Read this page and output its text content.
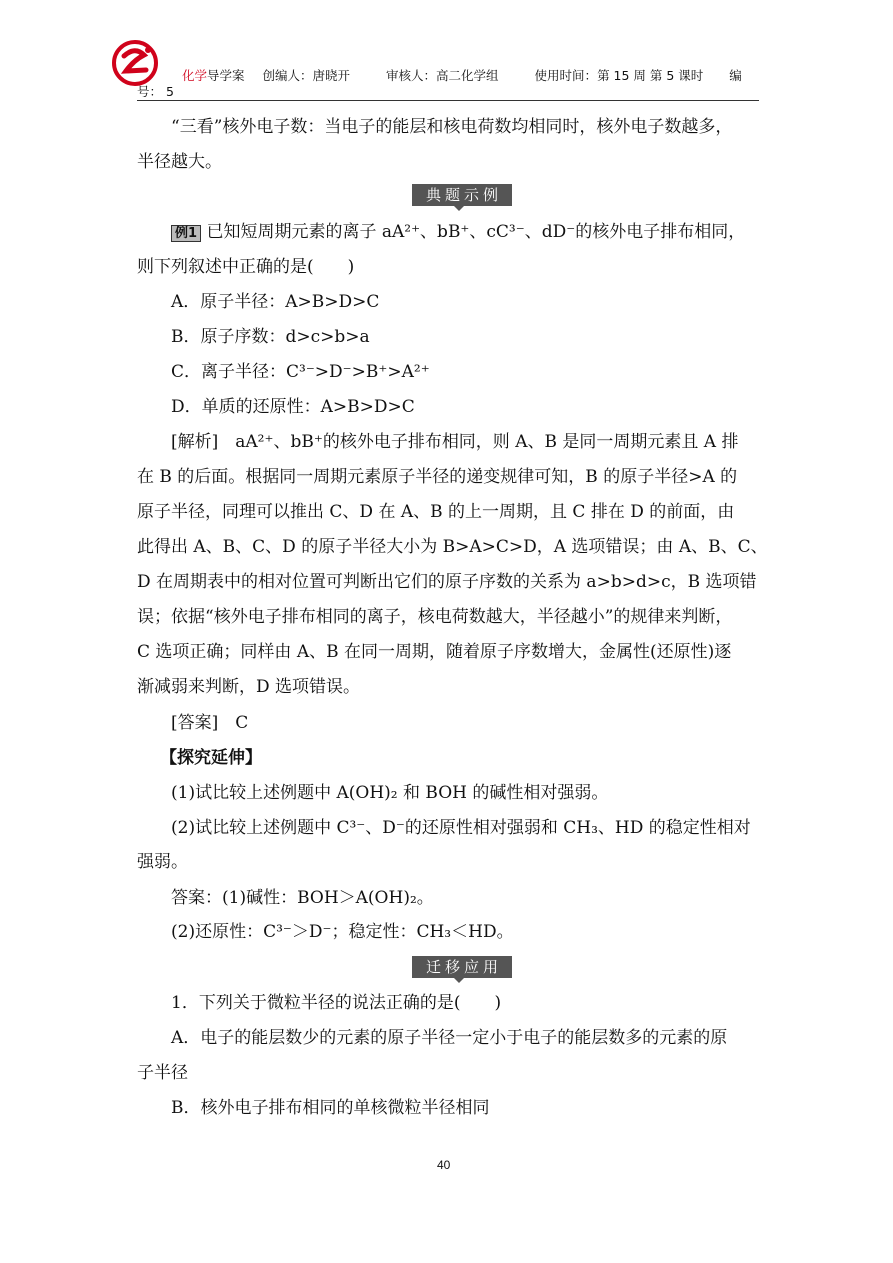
化学导学案 创编人：唐晓开	审核人：高二化学组	使用时间：第 15 周 第 5 课时 编
号： 5
“三看”核外电子数：当电子的能层和核电荷数均相同时，核外电子数越多，
半径越大。
典题示例
例1 已知短周期元素的离子 aA²⁺、bB⁺、cC³⁻、dD⁻的核外电子排布相同，
则下列叙述中正确的是(　　)
A．原子半径：A>B>D>C
B．原子序数：d>c>b>a
C．离子半径：C³⁻>D⁻>B⁺>A²⁺
D．单质的还原性：A>B>D>C
[解析]　aA²⁺、bB⁺的核外电子排布相同，则 A、B 是同一周期元素且 A 排
在 B 的后面。根据同一周期元素原子半径的递变规律可知，B 的原子半径>A 的
原子半径，同理可以推出 C、D 在 A、B 的上一周期，且 C 排在 D 的前面，由
此得出 A、B、C、D 的原子半径大小为 B>A>C>D，A 选项错误；由 A、B、C、
D 在周期表中的相对位置可判断出它们的原子序数的关系为 a>b>d>c，B 选项错
误；依据“核外电子排布相同的离子，核电荷数越大，半径越小”的规律来判断，
C 选项正确；同样由 A、B 在同一周期，随着原子序数增大，金属性(还原性)逐
渐减弱来判断，D 选项错误。
[答案]　C
【探究延伸】
(1)试比较上述例题中 A(OH)₂ 和 BOH 的碱性相对强弱。
(2)试比较上述例题中 C³⁻、D⁻的还原性相对强弱和 CH₃、HD 的稳定性相对
强弱。
答案：(1)碱性：BOH＞A(OH)₂。
(2)还原性：C³⁻＞D⁻；稳定性：CH₃＜HD。
迁移应用
1．下列关于微粒半径的说法正确的是(　　)
A．电子的能层数少的元素的原子半径一定小于电子的能层数多的元素的原
子半径
B．核外电子排布相同的单核微粒半径相同
40
